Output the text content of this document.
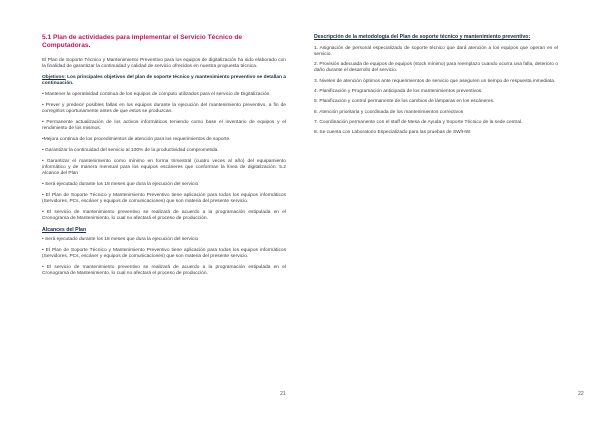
5.1 Plan de actividades para implementar el Servicio Técnico de Computadoras.

El Plan de Soporte Técnico y Mantenimiento Preventivo para los equipos de digitalización ha sido elaborado con la finalidad de garantizar la continuidad y calidad de servicio ofrecidos en nuestra propuesta técnica.

Objetivos: Los principales objetivos del plan de soporte técnico y mantenimiento preventivo se detallan a continuación.

• Mantener la operatividad continua de los equipos de cómputo utilizados para el servicio de Digitalización.

• Prever y predecir posibles fallas en los equipos durante la ejecución del mantenimiento preventivo, a fin de corregirlos oportunamente antes de que estos se produzcan.

• Permanente actualización de los activos informáticos teniendo como base el inventario de equipos y el rendimiento de los mismos.

•Mejora continua de los procedimientos de atención para los requerimientos de soporte.

• Garantizar la continuidad del servicio al 100% de la productividad comprometida.

• Garantizar el mantenimiento como mínimo en forma trimestral (cuatro veces al año) del equipamiento informático y de manera mensual para los equipos escáneres que conforman la línea de digitalización. 5.2 Alcance del Plan

• Será ejecutado durante los 18 meses que dura la ejecución del servicio

• El Plan de Soporte Técnico y Mantenimiento Preventivo tiene aplicación para todos los equipos informáticos (Servidores, PCs, escáner y equipos de comunicaciones) que son materia del presente servicio.

• El servicio de mantenimiento preventivo se realizará de acuerdo a la programación estipulada en el Cronograma de Mantenimiento, lo cual no afectará el proceso de producción.

Alcances del Plan

• Será ejecutado durante los 18 meses que dura la ejecución del servicio

• El Plan de Soporte Técnico y Mantenimiento Preventivo tiene aplicación para todos los equipos informáticos (Servidores, PCs, escáner y equipos de comunicaciones) que son materia del presente servicio.

• El servicio de mantenimiento preventivo se realizará de acuerdo a la programación estipulada en el Cronograma de Mantenimiento, lo cual no afectará el proceso de producción.

21
Descripción de la metodología del Plan de soporte técnico y mantenimiento preventivo:

1. Asignación de personal especializado de soporte técnico que dará atención a los equipos que operan en el servicio.

2. Provisión adecuada de equipos de equipos (stock mínimo) para reemplazo cuando ocurra una falla, deterioro o daño durante el desarrollo del servicio.

3. Niveles de atención óptimos ante requerimientos de servicio que aseguren un tiempo de respuesta inmediata.

4. Planificación y Programación anticipada de los mantenimientos preventivos.

5. Planificación y control permanente de los cambios de lámparas en los escáneres.

6. Atención prioritaria y coordinada de los mantenimientos correctivos

7. Coordinación permanente con el staff de Mesa de Ayuda y Soporte Técnico de la sede central.

8. Se cuenta con Laboratorio Especializado para las pruebas de SW/HW.

22
